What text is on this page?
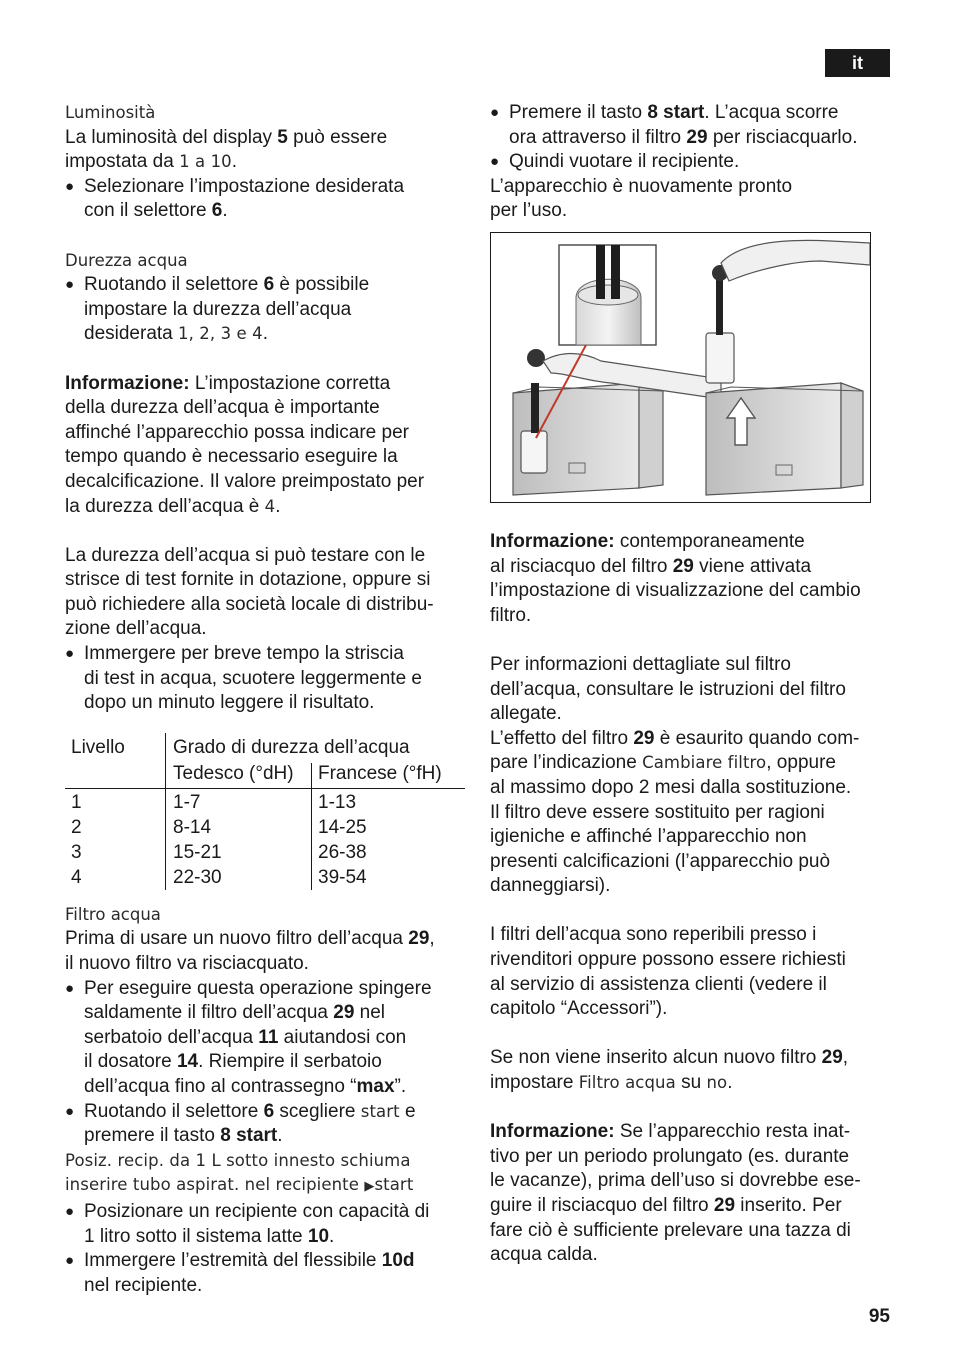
it

Luminosità

La luminosità del display 5 può essere

impostata da 1 a 10.

● Selezionare l’impostazione desiderata

con il selettore 6.

Durezza acqua

● Ruotando il selettore 6 è possibile

impostare la durezza dell’acqua

desiderata 1, 2, 3 e 4.

Informazione: L’impostazione corretta

della durezza dell’acqua è importante

affinché l’apparecchio possa indicare per

tempo quando è necessario eseguire la

decalcificazione. Il valore preimpostato per

la durezza dell’acqua è 4.

La durezza dell’acqua si può testare con le

strisce di test fornite in dotazione, oppure si

può richiedere alla società locale di distribu-

zione dell’acqua.

● Immergere per breve tempo la striscia

di test in acqua, scuotere leggermente e

dopo un minuto leggere il risultato.

Livello	Grado di durezza dell’acqua
Tedesco (°dH) Francese (°fH)
1	1-7	1-13
2	8-14	14-25
3	15-21	26-38
4	22-30	39-54

Filtro acqua

Prima di usare un nuovo filtro dell’acqua 29,

il nuovo filtro va risciacquato.

● Per eseguire questa operazione spingere

saldamente il filtro dell’acqua 29 nel

serbatoio dell’acqua 11 aiutandosi con

il dosatore 14. Riempire il serbatoio

dell’acqua fino al contrassegno “max”.

● Ruotando il selettore 6 scegliere start e

premere il tasto 8 start.

Posiz. recip. da 1 L sotto innesto schiuma

inserire tubo aspirat. nel recipiente ▶start

● Posizionare un recipiente con capacità di

1 litro sotto il sistema latte 10.

● Immergere l’estremità del flessibile 10d

nel recipiente.

● Premere il tasto 8 start. L’acqua scorre

ora attraverso il filtro 29 per risciacquarlo.

● Quindi vuotare il recipiente.

L’apparecchio è nuovamente pronto

per l’uso.

Informazione: contemporaneamente

al risciacquo del filtro 29 viene attivata

l’impostazione di visualizzazione del cambio

filtro.

Per informazioni dettagliate sul filtro

dell’acqua, consultare le istruzioni del filtro

allegate.

L’effetto del filtro 29 è esaurito quando com-

pare l’indicazione Cambiare filtro, oppure

al massimo dopo 2 mesi dalla sostituzione.

Il filtro deve essere sostituito per ragioni

igieniche e affinché l’apparecchio non

presenti calcificazioni (l’apparecchio può

danneggiarsi).

I filtri dell’acqua sono reperibili presso i

rivenditori oppure possono essere richiesti

al servizio di assistenza clienti (vedere il

capitolo “Accessori”).

Se non viene inserito alcun nuovo filtro 29,

impostare Filtro acqua su no.

Informazione: Se l’apparecchio resta inat-

tivo per un periodo prolungato (es. durante

le vacanze), prima dell’uso si dovrebbe ese-

guire il risciacquo del filtro 29 inserito. Per

fare ciò è sufficiente prelevare una tazza di

acqua calda.

95
